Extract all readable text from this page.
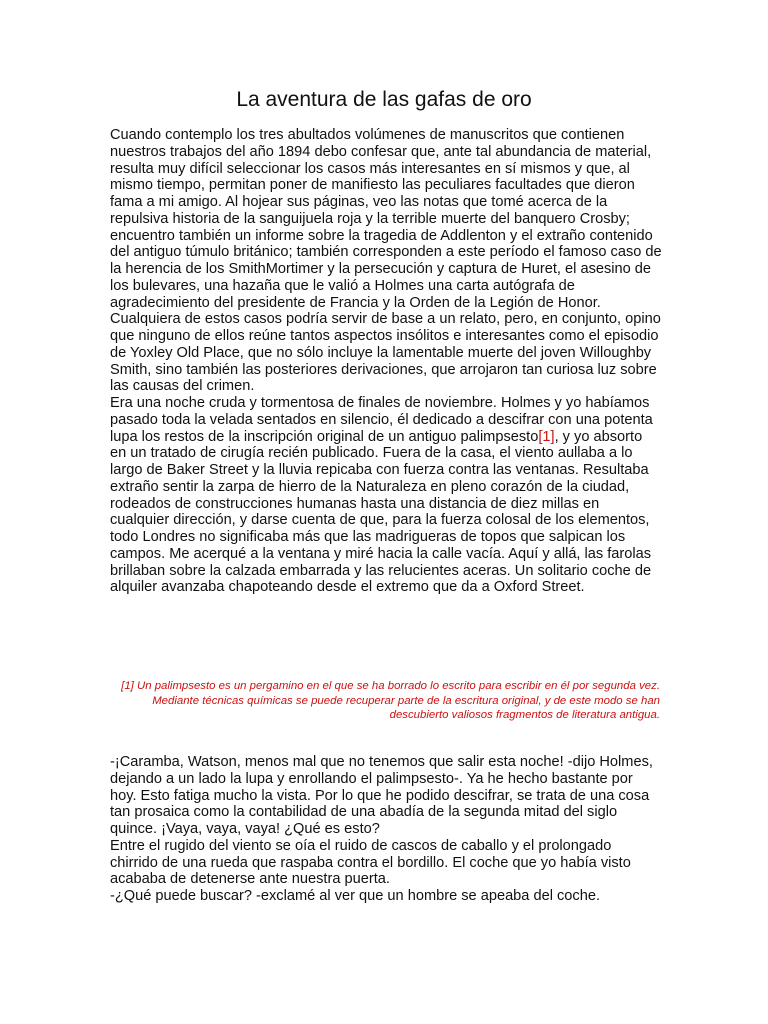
La aventura de las gafas de oro

Cuando contemplo los tres abultados volúmenes de manuscritos que contienen nuestros trabajos del año 1894 debo confesar que, ante tal abundancia de material, resulta muy difícil seleccionar los casos más interesantes en sí mismos y que, al mismo tiempo, permitan poner de manifiesto las peculiares facultades que dieron fama a mi amigo. Al hojear sus páginas, veo las notas que tomé acerca de la repulsiva historia de la sanguijuela roja y la terrible muerte del banquero Crosby; encuentro también un informe sobre la tragedia de Addlenton y el extraño contenido del antiguo túmulo británico; también corresponden a este período el famoso caso de la herencia de los SmithMortimer y la persecución y captura de Huret, el asesino de los bulevares, una hazaña que le valió a Holmes una carta autógrafa de agradecimiento del presidente de Francia y la Orden de la Legión de Honor. Cualquiera de estos casos podría servir de base a un relato, pero, en conjunto, opino que ninguno de ellos reúne tantos aspectos insólitos e interesantes como el episodio de Yoxley Old Place, que no sólo incluye la lamentable muerte del joven Willoughby Smith, sino también las posteriores derivaciones, que arrojaron tan curiosa luz sobre las causas del crimen.

Era una noche cruda y tormentosa de finales de noviembre. Holmes y yo habíamos pasado toda la velada sentados en silencio, él dedicado a descifrar con una potenta lupa los restos de la inscripción original de un antiguo palimpsesto[1], y yo absorto en un tratado de cirugía recién publicado. Fuera de la casa, el viento aullaba a lo largo de Baker Street y la lluvia repicaba con fuerza contra las ventanas. Resultaba extraño sentir la zarpa de hierro de la Naturaleza en pleno corazón de la ciudad, rodeados de construcciones humanas hasta una distancia de diez millas en cualquier dirección, y darse cuenta de que, para la fuerza colosal de los elementos, todo Londres no significaba más que las madrigueras de topos que salpican los campos. Me acerqué a la ventana y miré hacia la calle vacía. Aquí y allá, las farolas brillaban sobre la calzada embarrada y las relucientes aceras. Un solitario coche de alquiler avanzaba chapoteando desde el extremo que da a Oxford Street.

[1] Un palimpsesto es un pergamino en el que se ha borrado lo escrito para escribir en él por segunda vez. Mediante técnicas químicas se puede recuperar parte de la escritura original, y de este modo se han descubierto valiosos fragmentos de literatura antigua.

-¡Caramba, Watson, menos mal que no tenemos que salir esta noche! -dijo Holmes, dejando a un lado la lupa y enrollando el palimpsesto-. Ya he hecho bastante por hoy. Esto fatiga mucho la vista. Por lo que he podido descifrar, se trata de una cosa tan prosaica como la contabilidad de una abadía de la segunda mitad del siglo quince. ¡Vaya, vaya, vaya! ¿Qué es esto?

Entre el rugido del viento se oía el ruido de cascos de caballo y el prolongado chirrido de una rueda que raspaba contra el bordillo. El coche que yo había visto acababa de detenerse ante nuestra puerta.

-¿Qué puede buscar? -exclamé al ver que un hombre se apeaba del coche.
